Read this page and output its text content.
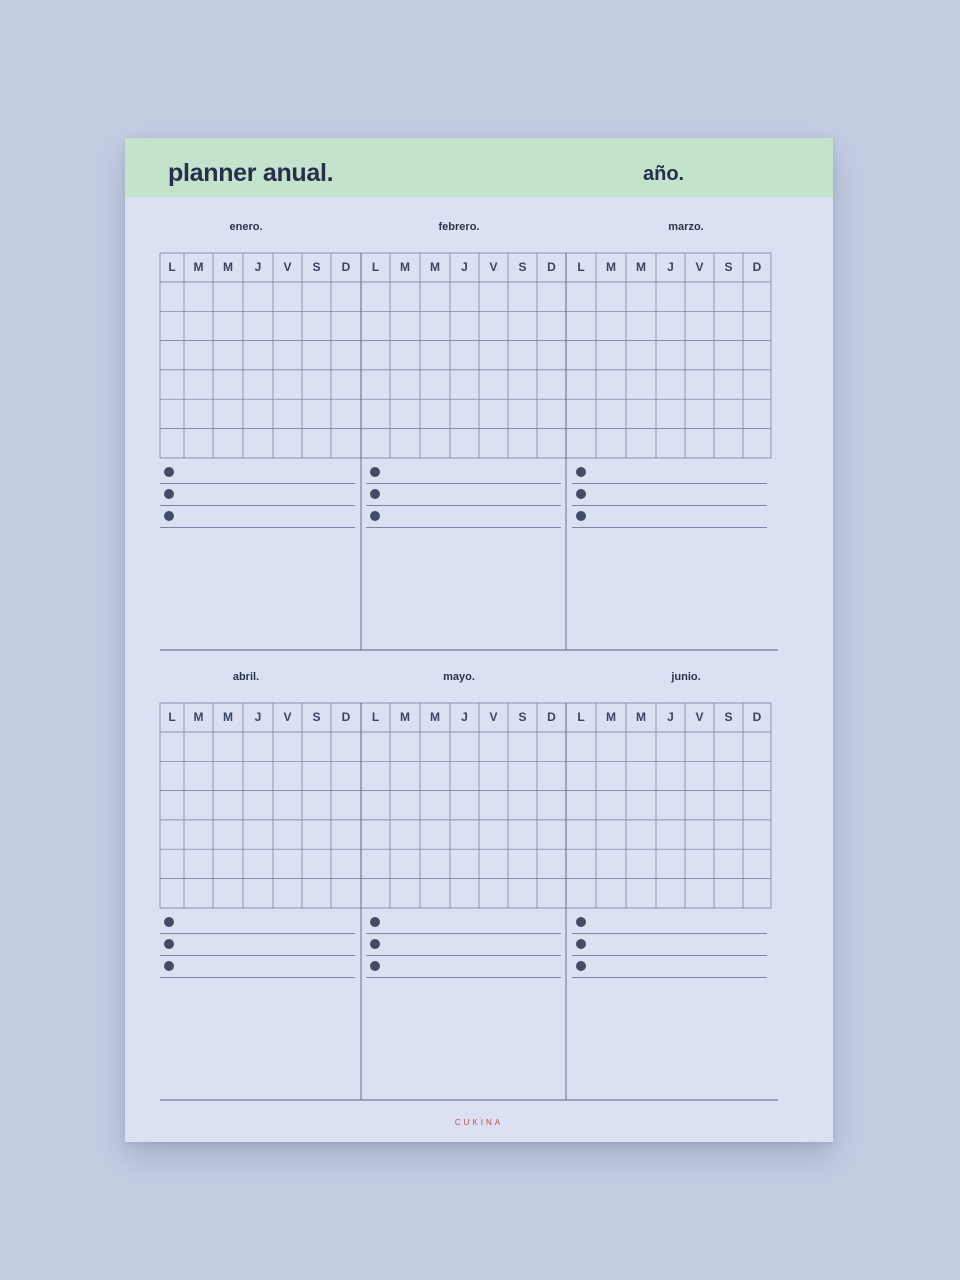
planner anual.	año.
enero.	febrero.	marzo.
L	M	M	J	V	S	D	L	M	M	J	V	S	D	L	M	M	J	V	S	D
abril.	mayo.	junio.
L	M	M	J	V	S	D	L	M	M	J	V	S	D	L	M	M	J	V	S	D
CUKINA
